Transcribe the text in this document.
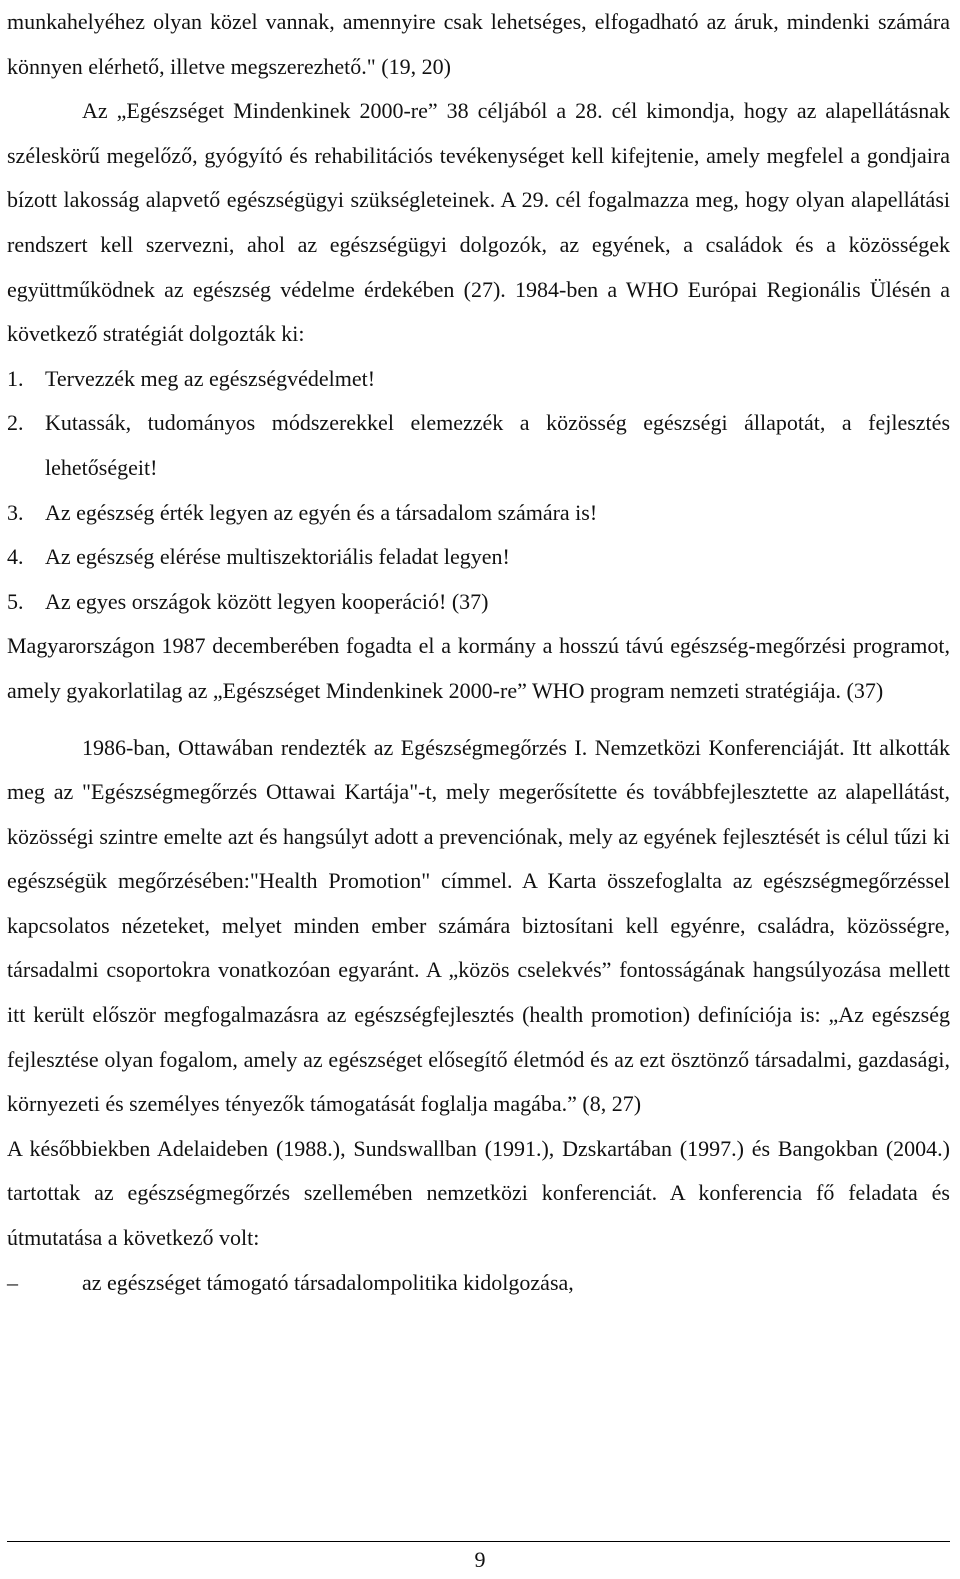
munkahelyéhez olyan közel vannak, amennyire csak lehetséges, elfogadható az áruk, mindenki számára könnyen elérhető, illetve megszerezhető." (19, 20)

Az „Egészséget Mindenkinek 2000-re” 38 céljából a 28. cél kimondja, hogy az alapellátásnak széleskörű megelőző, gyógyító és rehabilitációs tevékenységet kell kifejtenie, amely megfelel a gondjaira bízott lakosság alapvető egészségügyi szükségleteinek. A 29. cél fogalmazza meg, hogy olyan alapellátási rendszert kell szervezni, ahol az egészségügyi dolgozók, az egyének, a családok és a közösségek együttműködnek az egészség védelme érdekében (27). 1984-ben a WHO Európai Regionális Ülésén a következő stratégiát dolgozták ki:

1. Tervezzék meg az egészségvédelmet!
2. Kutassák, tudományos módszerekkel elemezzék a közösség egészségi állapotát, a fejlesztés lehetőségeit!
3. Az egészség érték legyen az egyén és a társadalom számára is!
4. Az egészség elérése multiszektoriális feladat legyen!
5. Az egyes országok között legyen kooperáció! (37)

Magyarországon 1987 decemberében fogadta el a kormány a hosszú távú egészség-megőrzési programot, amely gyakorlatilag az „Egészséget Mindenkinek 2000-re” WHO program nemzeti stratégiája. (37)

1986-ban, Ottawában rendezték az Egészségmegőrzés I. Nemzetközi Konferenciáját. Itt alkották meg az "Egészségmegőrzés Ottawai Kartája"-t, mely megerősítette és továbbfejlesztette az alapellátást, közösségi szintre emelte azt és hangsúlyt adott a prevenciónak, mely az egyének fejlesztését is célul tűzi ki egészségük megőrzésében:"Health Promotion" címmel. A Karta összefoglalta az egészségmegőrzéssel kapcsolatos nézeteket, melyet minden ember számára biztosítani kell egyénre, családra, közösségre, társadalmi csoportokra vonatkozóan egyaránt. A „közös cselekvés” fontosságának hangsúlyozása mellett itt került először megfogalmazásra az egészségfejlesztés (health promotion) definíciója is: „Az egészség fejlesztése olyan fogalom, amely az egészséget elősegítő életmód és az ezt ösztönző társadalmi, gazdasági, környezeti és személyes tényezők támogatását foglalja magába.” (8, 27)

A későbbiekben Adelaideben (1988.), Sundswallban (1991.), Dzskartában (1997.) és Bangokban (2004.) tartottak az egészségmegőrzés szellemében nemzetközi konferenciát. A konferencia fő feladata és útmutatása a következő volt:

–	az egészséget támogató társadalompolitika kidolgozása,
9
